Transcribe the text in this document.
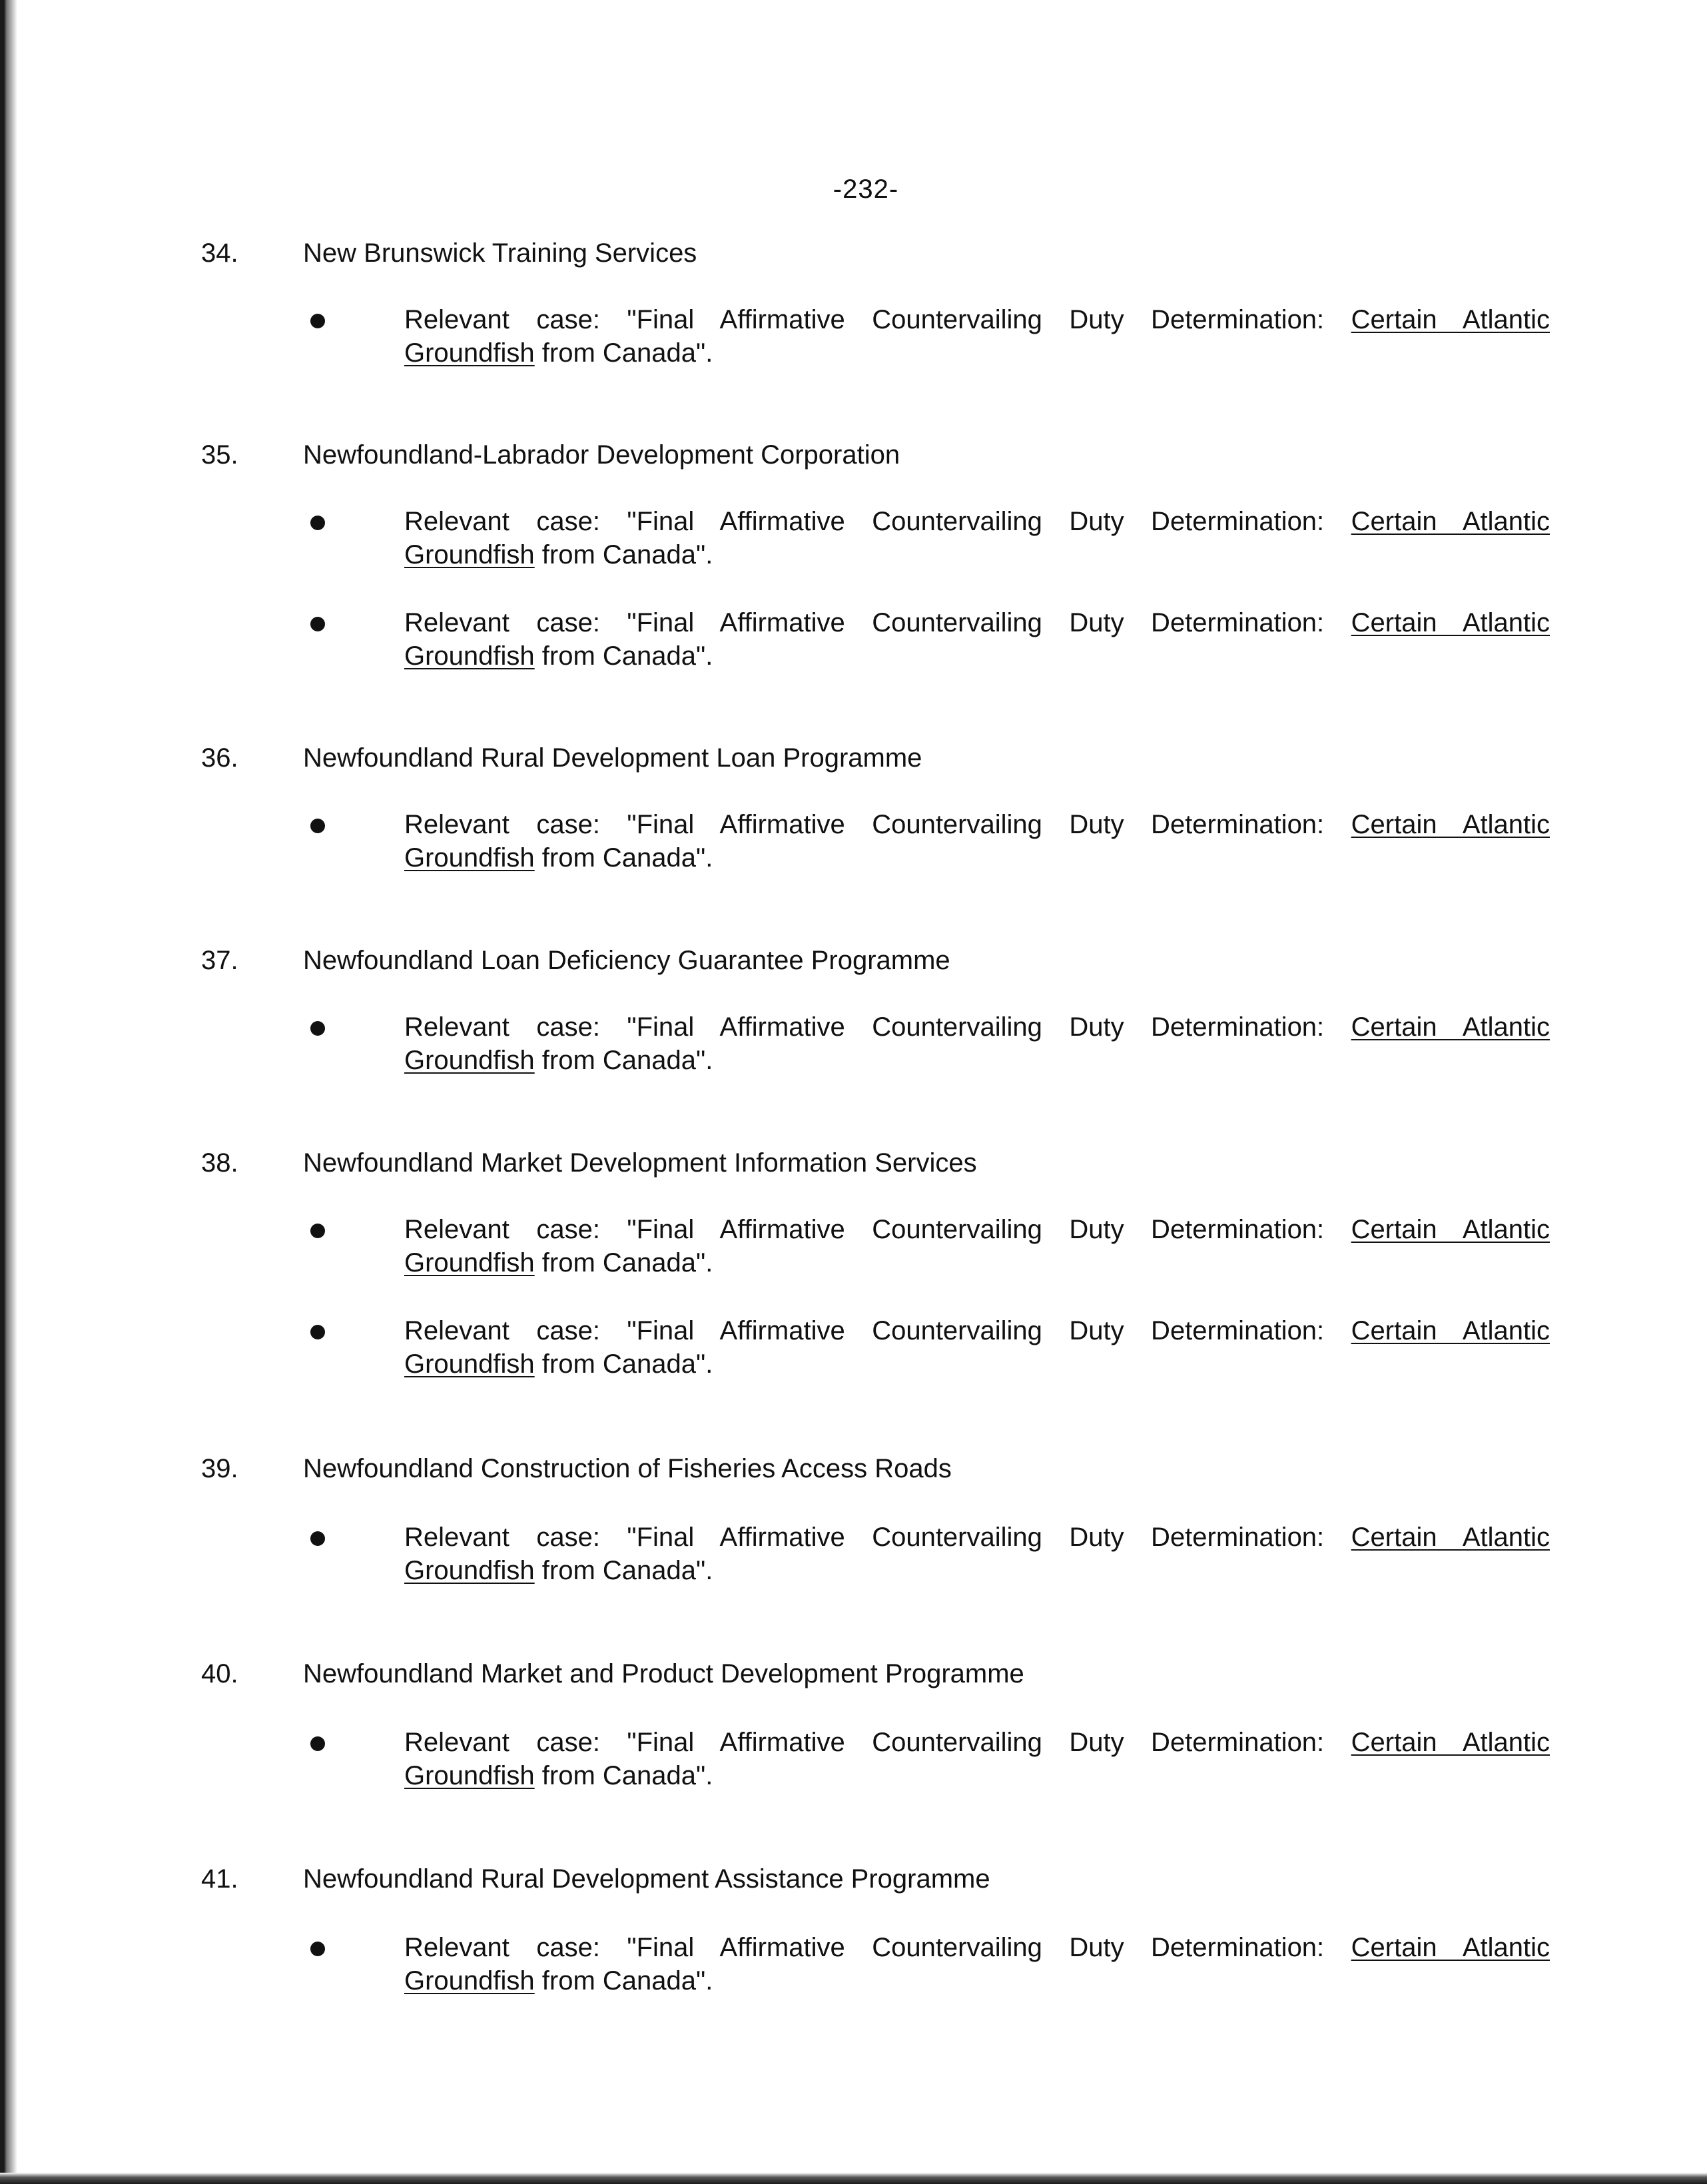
-232-
34. New Brunswick Training Services
Relevant case: "Final Affirmative Countervailing Duty Determination: Certain Atlantic
Groundfish from Canada".
35. Newfoundland-Labrador Development Corporation
Relevant case: "Final Affirmative Countervailing Duty Determination: Certain Atlantic
Groundfish from Canada".
Relevant case: "Final Affirmative Countervailing Duty Determination: Certain Atlantic
Groundfish from Canada".
36. Newfoundland Rural Development Loan Programme
Relevant case: "Final Affirmative Countervailing Duty Determination: Certain Atlantic
Groundfish from Canada".
37. Newfoundland Loan Deficiency Guarantee Programme
Relevant case: "Final Affirmative Countervailing Duty Determination: Certain Atlantic
Groundfish from Canada".
38. Newfoundland Market Development Information Services
Relevant case: "Final Affirmative Countervailing Duty Determination: Certain Atlantic
Groundfish from Canada".
Relevant case: "Final Affirmative Countervailing Duty Determination: Certain Atlantic
Groundfish from Canada".
39. Newfoundland Construction of Fisheries Access Roads
Relevant case: "Final Affirmative Countervailing Duty Determination: Certain Atlantic
Groundfish from Canada".
40. Newfoundland Market and Product Development Programme
Relevant case: "Final Affirmative Countervailing Duty Determination: Certain Atlantic
Groundfish from Canada".
41. Newfoundland Rural Development Assistance Programme
Relevant case: "Final Affirmative Countervailing Duty Determination: Certain Atlantic
Groundfish from Canada".
